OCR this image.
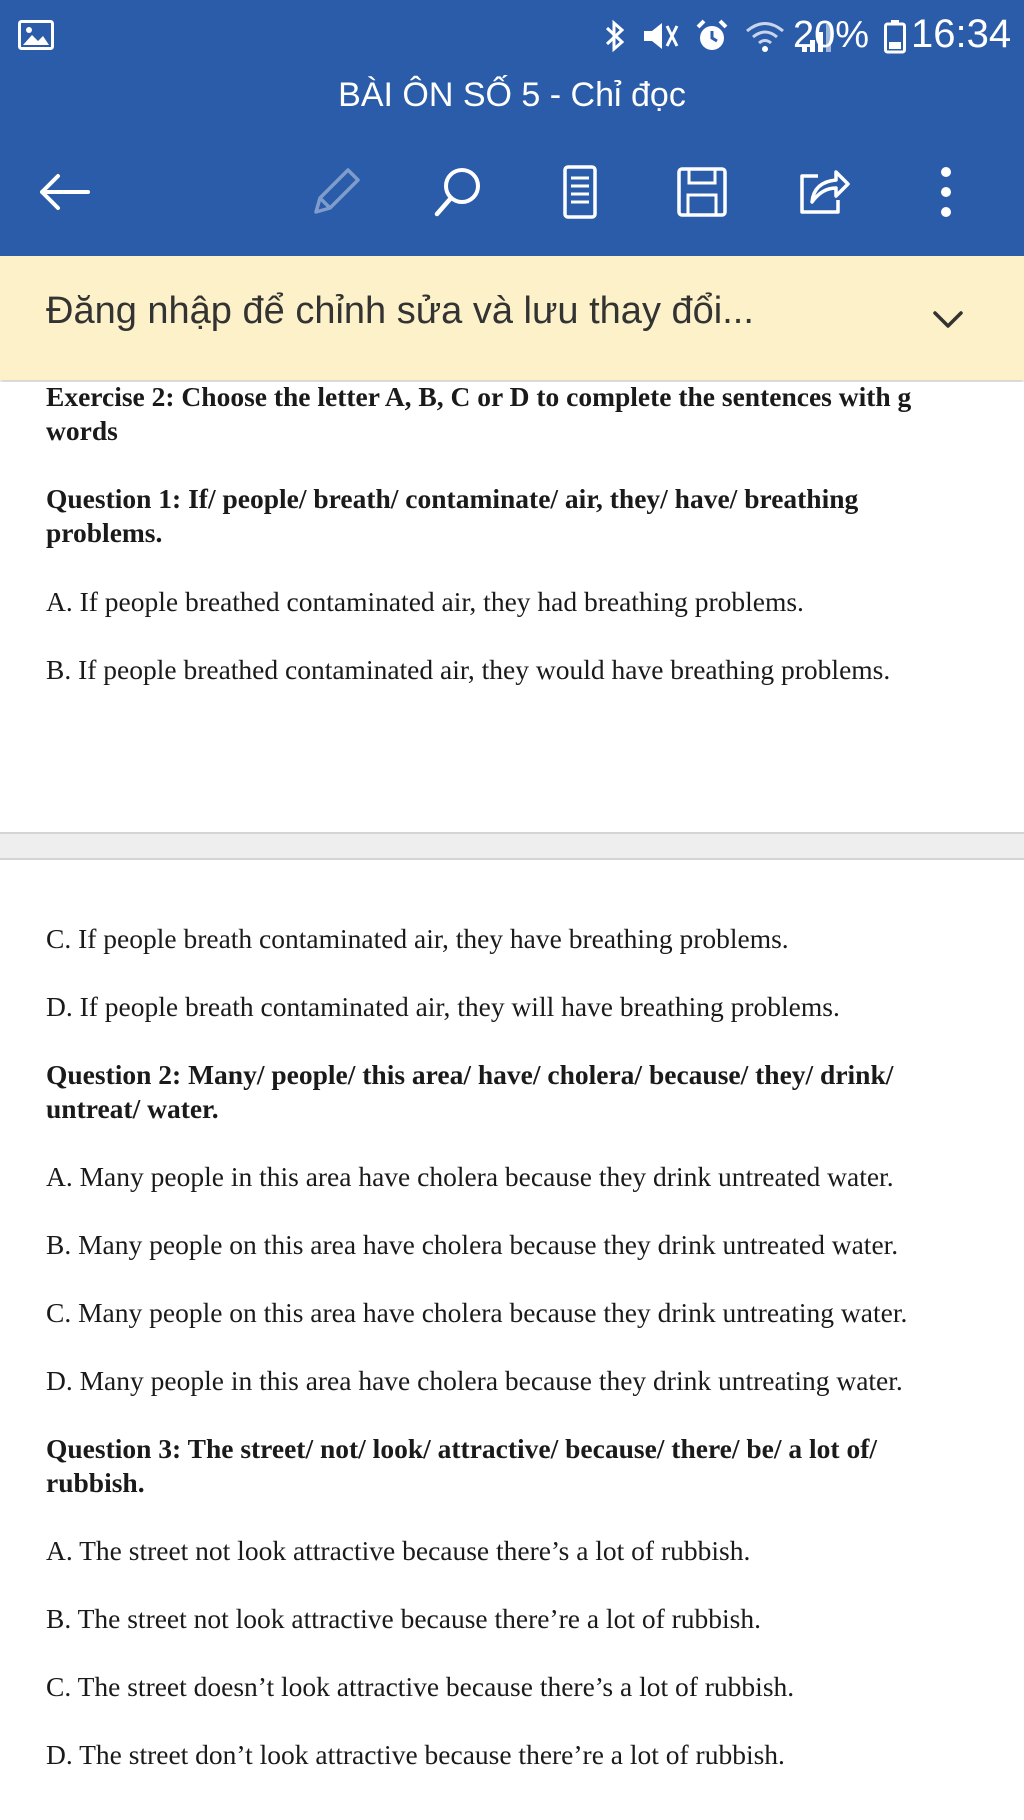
20% 16:34
BÀI ÔN SỐ 5 - Chỉ đọc
Đăng nhập để chỉnh sửa và lưu thay đổi...
Exercise 2: Choose the letter A, B, C or D to complete the sentences with g
words
Question 1: If/ people/ breath/ contaminate/ air, they/ have/ breathing
problems.
A. If people breathed contaminated air, they had breathing problems.
B. If people breathed contaminated air, they would have breathing problems.
C. If people breath contaminated air, they have breathing problems.
D. If people breath contaminated air, they will have breathing problems.
Question 2: Many/ people/ this area/ have/ cholera/ because/ they/ drink/
untreat/ water.
A. Many people in this area have cholera because they drink untreated water.
B. Many people on this area have cholera because they drink untreated water.
C. Many people on this area have cholera because they drink untreating water.
D. Many people in this area have cholera because they drink untreating water.
Question 3: The street/ not/ look/ attractive/ because/ there/ be/ a lot of/
rubbish.
A. The street not look attractive because there’s a lot of rubbish.
B. The street not look attractive because there’re a lot of rubbish.
C. The street doesn’t look attractive because there’s a lot of rubbish.
D. The street don’t look attractive because there’re a lot of rubbish.
